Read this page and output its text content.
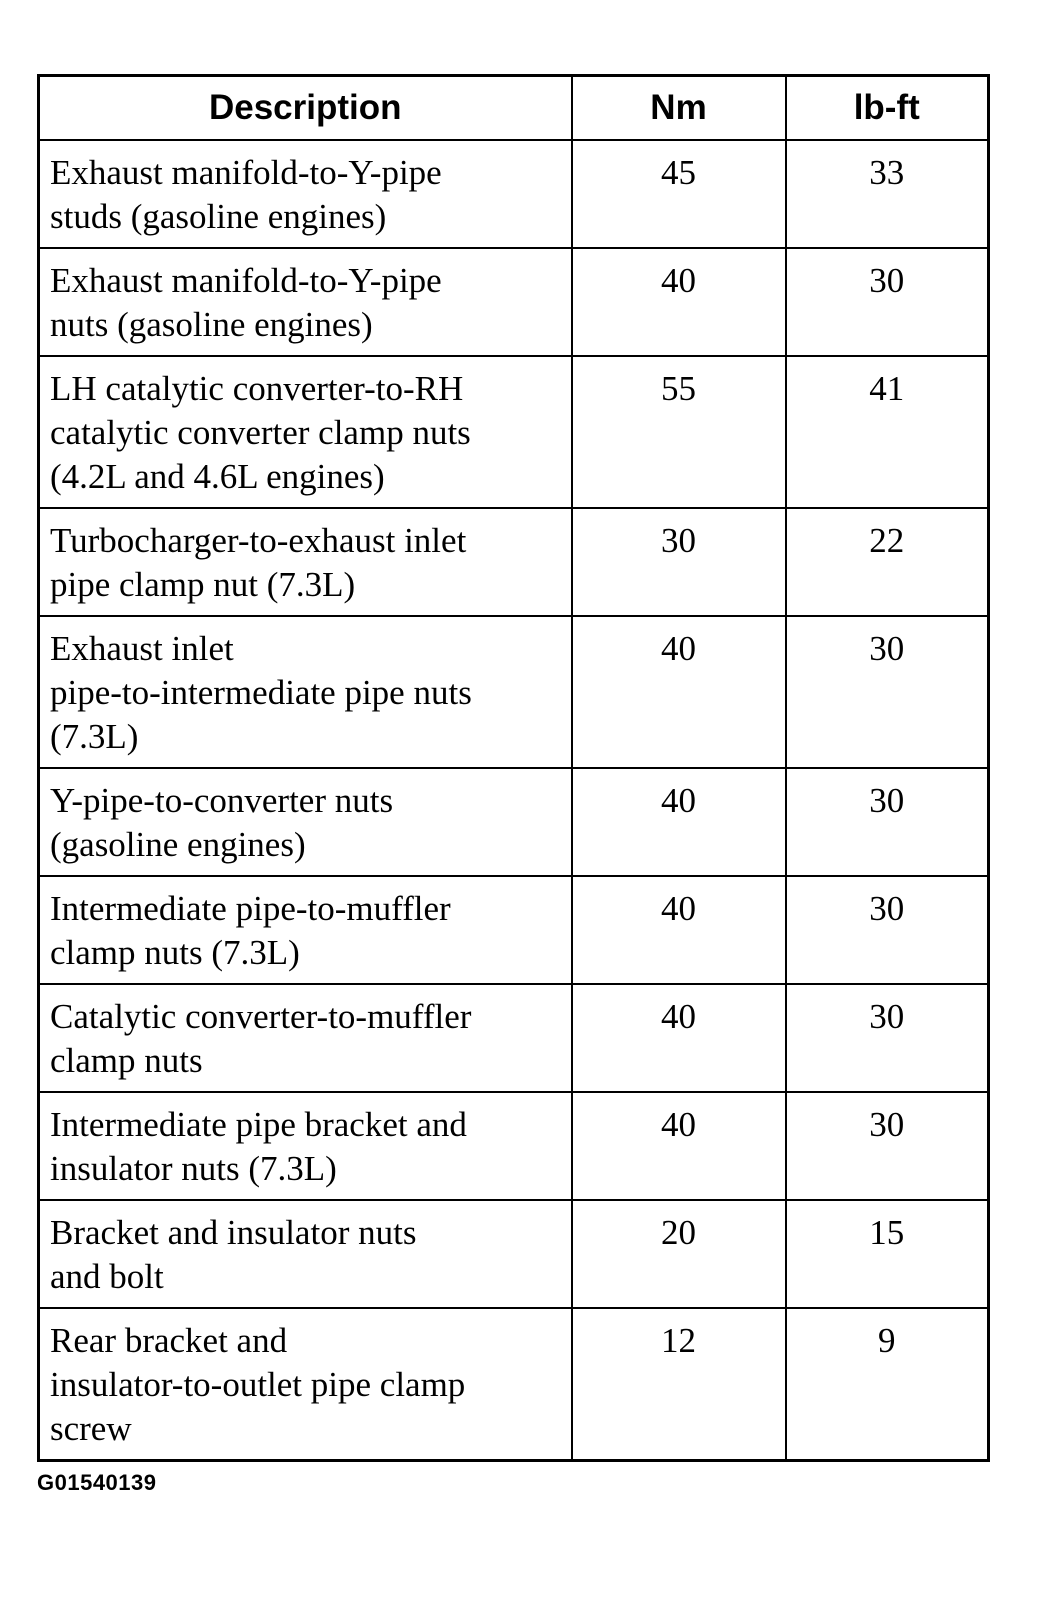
Description	Nm	lb-ft
Exhaust manifold-to-Y-pipe
studs (gasoline engines)	45	33
Exhaust manifold-to-Y-pipe
nuts (gasoline engines)	40	30
LH catalytic converter-to-RH
catalytic converter clamp nuts
(4.2L and 4.6L engines)	55	41
Turbocharger-to-exhaust inlet
pipe clamp nut (7.3L)	30	22
Exhaust inlet
pipe-to-intermediate pipe nuts
(7.3L)	40	30
Y-pipe-to-converter nuts
(gasoline engines)	40	30
Intermediate pipe-to-muffler
clamp nuts (7.3L)	40	30
Catalytic converter-to-muffler
clamp nuts	40	30
Intermediate pipe bracket and
insulator nuts (7.3L)	40	30
Bracket and insulator nuts
and bolt	20	15
Rear bracket and
insulator-to-outlet pipe clamp
screw	12	9
G01540139
